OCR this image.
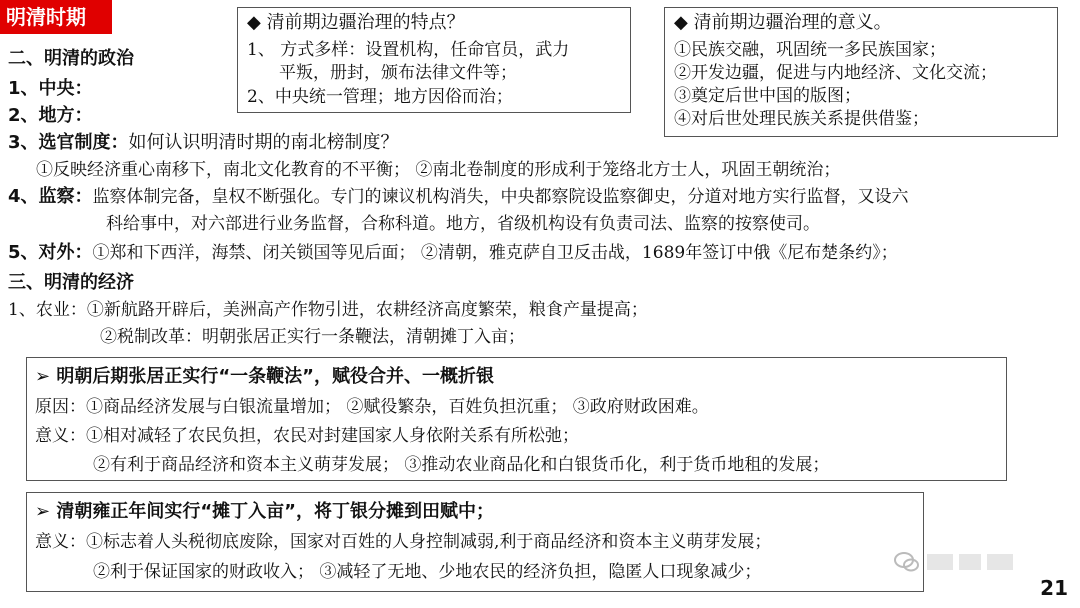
明清时期
二、明清的政治
1、中央：
2、地方：
3、选官制度：如何认识明清时期的南北榜制度？
①反映经济重心南移下，南北文化教育的不平衡； ②南北卷制度的形成利于笼络北方士人，巩固王朝统治；
4、监察：监察体制完备，皇权不断强化。专门的谏议机构消失，中央都察院设监察御史，分道对地方实行监督，又设六
科给事中，对六部进行业务监督，合称科道。地方，省级机构设有负责司法、监察的按察使司。
5、对外：①郑和下西洋，海禁、闭关锁国等见后面； ②清朝，雅克萨自卫反击战，1689年签订中俄《尼布楚条约》；
三、明清的经济
1、农业：①新航路开辟后，美洲高产作物引进，农耕经济高度繁荣，粮食产量提高；
②税制改革：明朝张居正实行一条鞭法，清朝摊丁入亩；
◆ 清前期边疆治理的特点？
1、 方式多样：设置机构，任命官员，武力
平叛，册封，颁布法律文件等；
2、中央统一管理；地方因俗而治；
◆ 清前期边疆治理的意义。
①民族交融，巩固统一多民族国家；
②开发边疆，促进与内地经济、文化交流；
③奠定后世中国的版图；
④对后世处理民族关系提供借鉴；
➢ 明朝后期张居正实行“一条鞭法”，赋役合并、一概折银
原因：①商品经济发展与白银流量增加； ②赋役繁杂，百姓负担沉重； ③政府财政困难。
意义：①相对减轻了农民负担，农民对封建国家人身依附关系有所松弛；
②有利于商品经济和资本主义萌芽发展； ③推动农业商品化和白银货币化，利于货币地租的发展；
➢ 清朝雍正年间实行“摊丁入亩”，将丁银分摊到田赋中；
意义：①标志着人头税彻底废除，国家对百姓的人身控制减弱,利于商品经济和资本主义萌芽发展；
②利于保证国家的财政收入； ③减轻了无地、少地农民的经济负担，隐匿人口现象减少；
21
